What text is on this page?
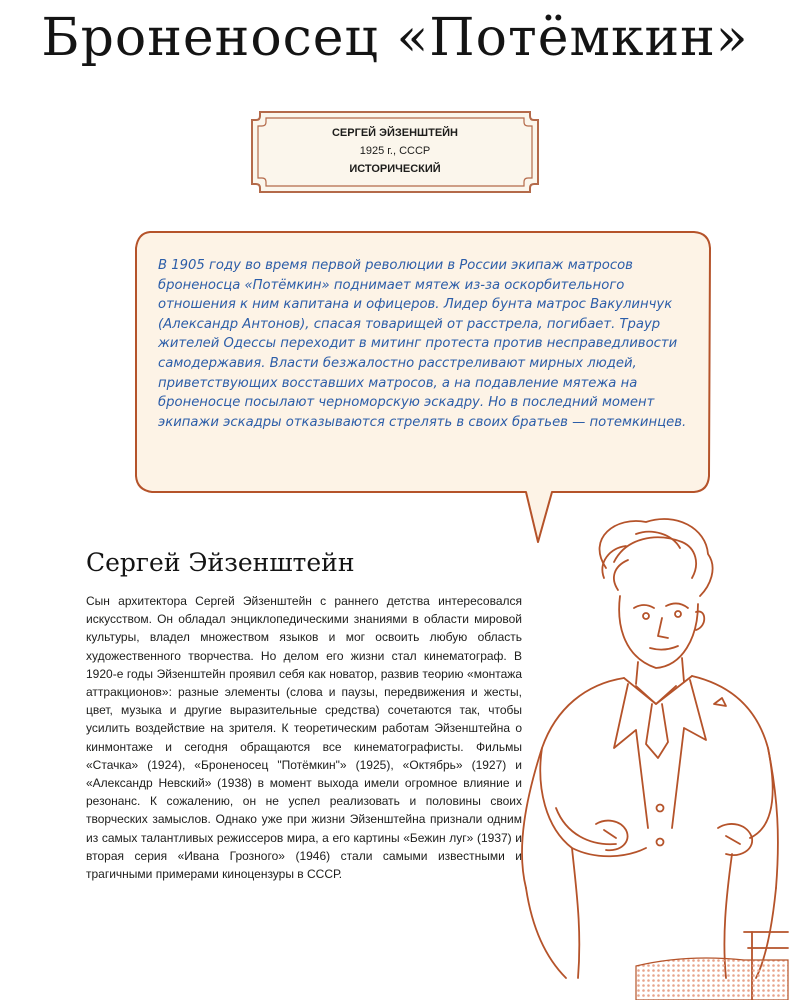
Броненосец «Потёмкин»
СЕРГЕЙ ЭЙЗЕНШТЕЙН
1925 г., СССР
ИСТОРИЧЕСКИЙ
В 1905 году во время первой революции в России экипаж матросов броненосца «Потёмкин» поднимает мятеж из-за оскорбительного отношения к ним капитана и офицеров. Лидер бунта матрос Вакулинчук (Александр Антонов), спасая товарищей от расстрела, погибает. Траур жителей Одессы переходит в митинг протеста против несправедливости самодержавия. Власти безжалостно расстреливают мирных людей, приветствующих восставших матросов, а на подавление мятежа на броненосце посылают черноморскую эскадру. Но в последний момент экипажи эскадры отказываются стрелять в своих братьев — потемкинцев.
Сергей Эйзенштейн

Сын архитектора Сергей Эйзенштейн с раннего детства интересовался искусством. Он обладал энциклопедическими знаниями в области мировой культуры, владел множеством языков и мог освоить любую область художественного творчества. Но делом его жизни стал кинематограф. В 1920-е годы Эйзенштейн проявил себя как новатор, развив теорию «монтажа аттракционов»: разные элементы (слова и паузы, передвижения и жесты, цвет, музыка и другие выразительные средства) сочетаются так, чтобы усилить воздействие на зрителя. К теоретическим работам Эйзенштейна о кинмонтаже и сегодня обращаются все кинематографисты. Фильмы «Стачка» (1924), «Броненосец "Потёмкин"» (1925), «Октябрь» (1927) и «Александр Невский» (1938) в момент выхода имели огромное влияние и резонанс. К сожалению, он не успел реализовать и половины своих творческих замыслов. Однако уже при жизни Эйзенштейна признали одним из самых талантливых режиссеров мира, а его картины «Бежин луг» (1937) и вторая серия «Ивана Грозного» (1946) стали самыми известными и трагичными примерами киноцензуры в СССР.
